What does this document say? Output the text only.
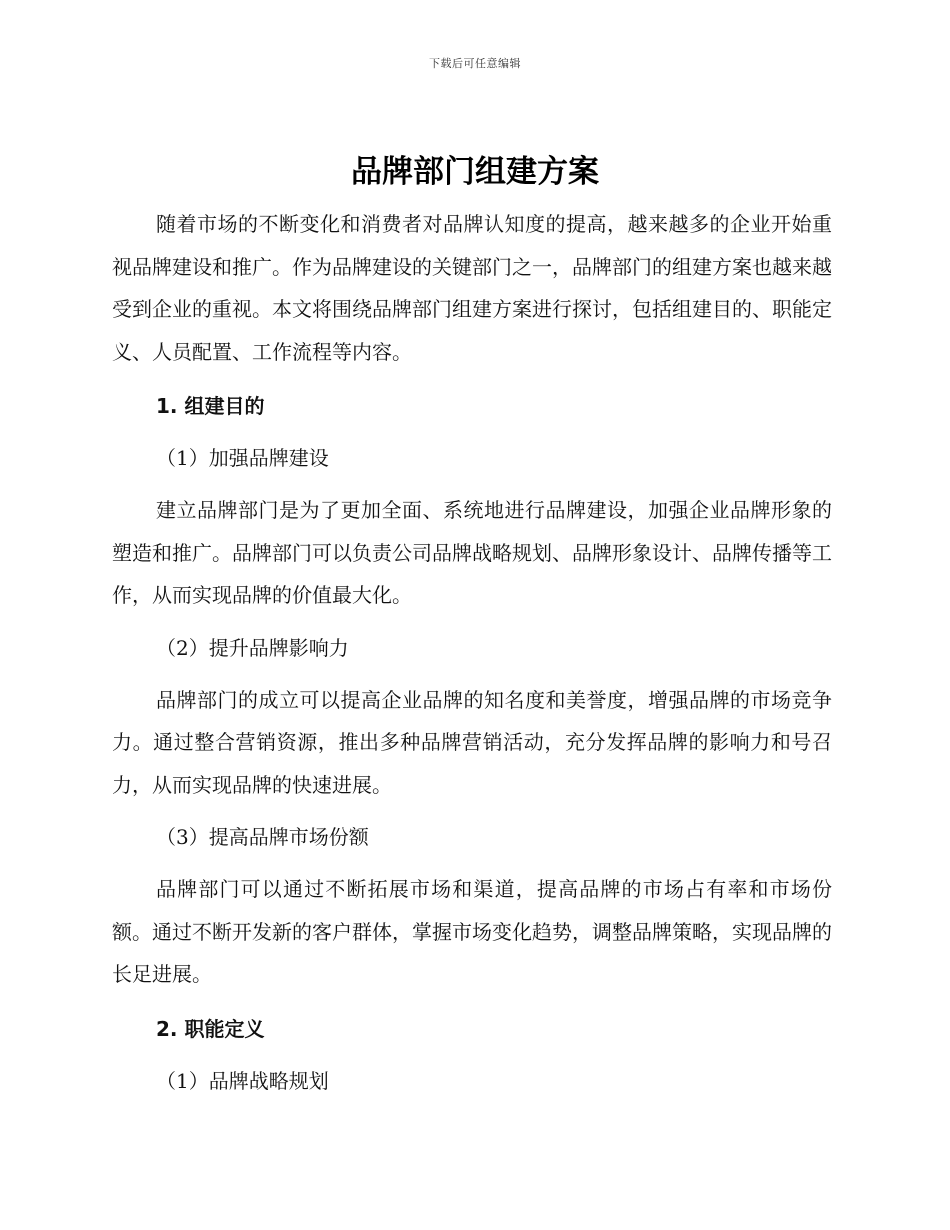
下载后可任意编辑
品牌部门组建方案

随着市场的不断变化和消费者对品牌认知度的提高，越来越多的企业开始重视品牌建设和推广。作为品牌建设的关键部门之一，品牌部门的组建方案也越来越受到企业的重视。本文将围绕品牌部门组建方案进行探讨，包括组建目的、职能定义、人员配置、工作流程等内容。

1. 组建目的

（1）加强品牌建设

建立品牌部门是为了更加全面、系统地进行品牌建设，加强企业品牌形象的塑造和推广。品牌部门可以负责公司品牌战略规划、品牌形象设计、品牌传播等工作，从而实现品牌的价值最大化。

（2）提升品牌影响力

品牌部门的成立可以提高企业品牌的知名度和美誉度，增强品牌的市场竞争力。通过整合营销资源，推出多种品牌营销活动，充分发挥品牌的影响力和号召力，从而实现品牌的快速进展。

（3）提高品牌市场份额

品牌部门可以通过不断拓展市场和渠道，提高品牌的市场占有率和市场份额。通过不断开发新的客户群体，掌握市场变化趋势，调整品牌策略，实现品牌的长足进展。

2. 职能定义

（1）品牌战略规划
